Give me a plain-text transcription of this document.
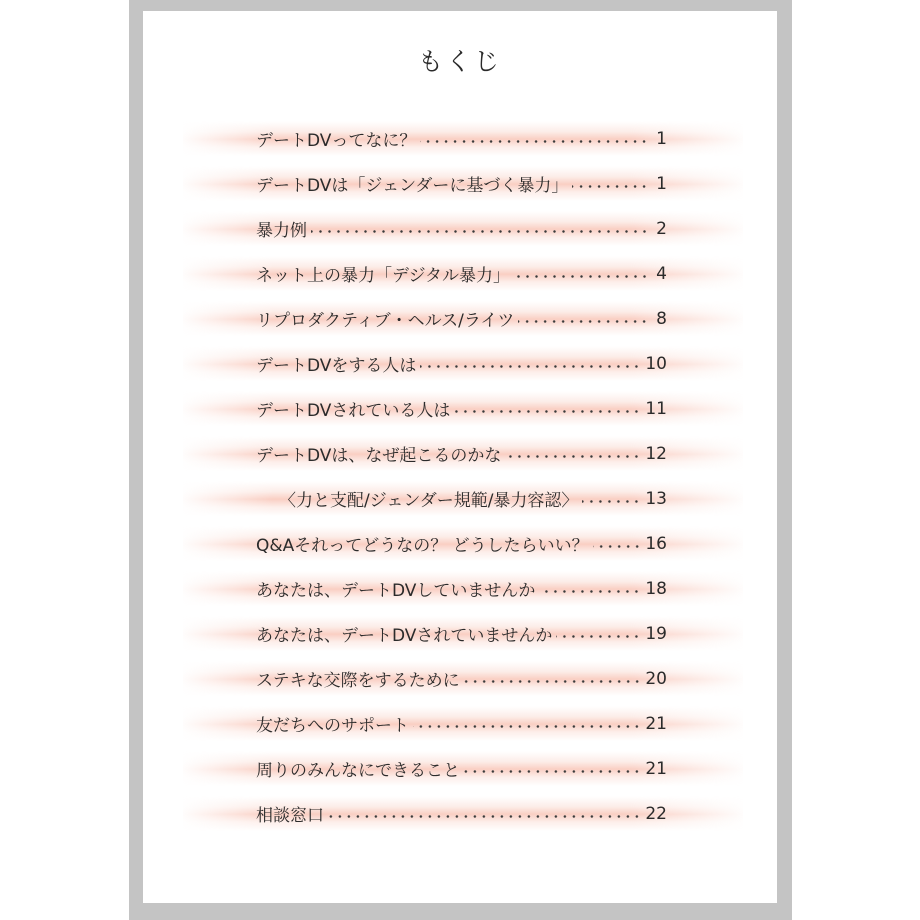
もくじ
デートDVってなに？	1
デートDVは「ジェンダーに基づく暴力」	1
暴力例	2
ネット上の暴力「デジタル暴力」	4
リプロダクティブ・ヘルス/ライツ	8
デートDVをする人は	10
デートDVされている人は	11
デートDVは、なぜ起こるのかな	12
〈力と支配/ジェンダー規範/暴力容認〉	13
Q&Aそれってどうなの？ どうしたらいい？	16
あなたは、デートDVしていませんか	18
あなたは、デートDVされていませんか	19
ステキな交際をするために	20
友だちへのサポート	21
周りのみんなにできること	21
相談窓口	22
